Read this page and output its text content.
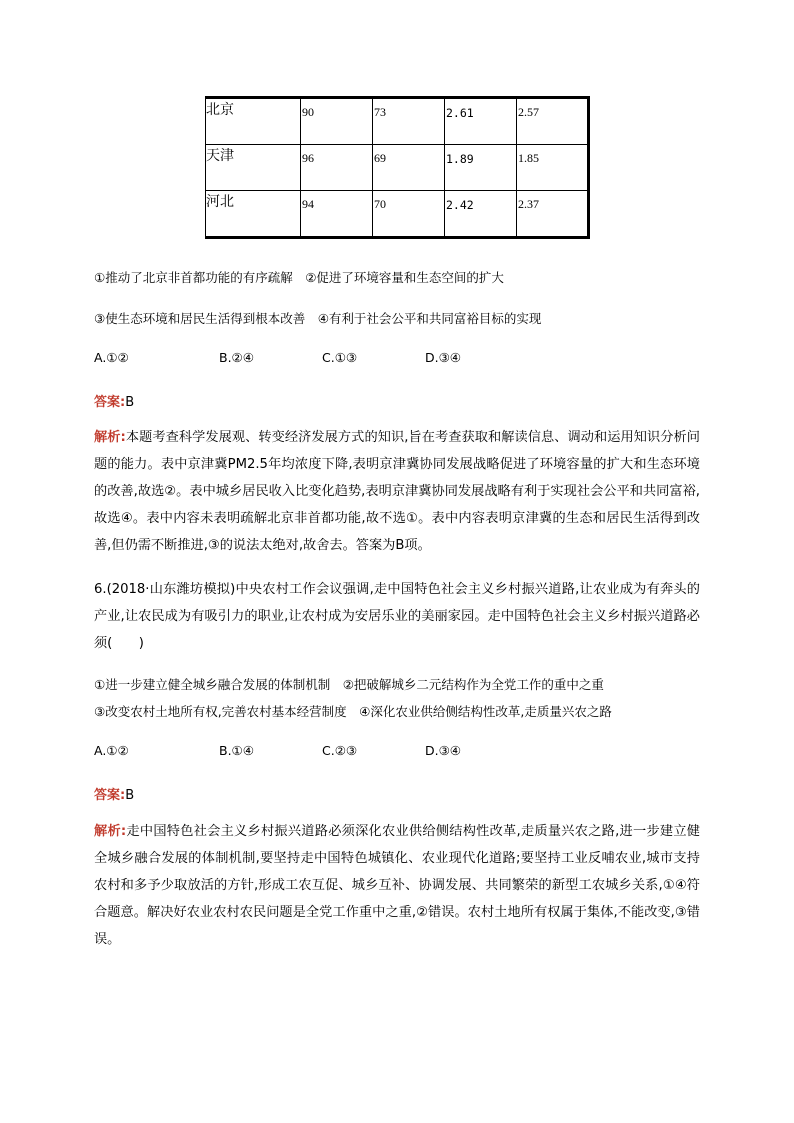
北京	90	73	2.61	2.57
天津	96	69	1.89	1.85
河北	94	70	2.42	2.37
①推动了北京非首都功能的有序疏解　②促进了环境容量和生态空间的扩大
③使生态环境和居民生活得到根本改善　④有利于社会公平和共同富裕目标的实现
A.①②	B.②④	C.①③	D.③④
答案:B
解析:本题考查科学发展观、转变经济发展方式的知识,旨在考查获取和解读信息、调动和运用知识分析问题的能力。表中京津冀PM2.5年均浓度下降,表明京津冀协同发展战略促进了环境容量的扩大和生态环境的改善,故选②。表中城乡居民收入比变化趋势,表明京津冀协同发展战略有利于实现社会公平和共同富裕,故选④。表中内容未表明疏解北京非首都功能,故不选①。表中内容表明京津冀的生态和居民生活得到改善,但仍需不断推进,③的说法太绝对,故舍去。答案为B项。
6.(2018·山东潍坊模拟)中央农村工作会议强调,走中国特色社会主义乡村振兴道路,让农业成为有奔头的产业,让农民成为有吸引力的职业,让农村成为安居乐业的美丽家园。走中国特色社会主义乡村振兴道路必须(　　)
①进一步建立健全城乡融合发展的体制机制　②把破解城乡二元结构作为全党工作的重中之重
③改变农村土地所有权,完善农村基本经营制度　④深化农业供给侧结构性改革,走质量兴农之路
A.①②	B.①④	C.②③	D.③④
答案:B
解析:走中国特色社会主义乡村振兴道路必须深化农业供给侧结构性改革,走质量兴农之路,进一步建立健全城乡融合发展的体制机制,要坚持走中国特色城镇化、农业现代化道路;要坚持工业反哺农业,城市支持农村和多予少取放活的方针,形成工农互促、城乡互补、协调发展、共同繁荣的新型工农城乡关系,①④符合题意。解决好农业农村农民问题是全党工作重中之重,②错误。农村土地所有权属于集体,不能改变,③错误。
